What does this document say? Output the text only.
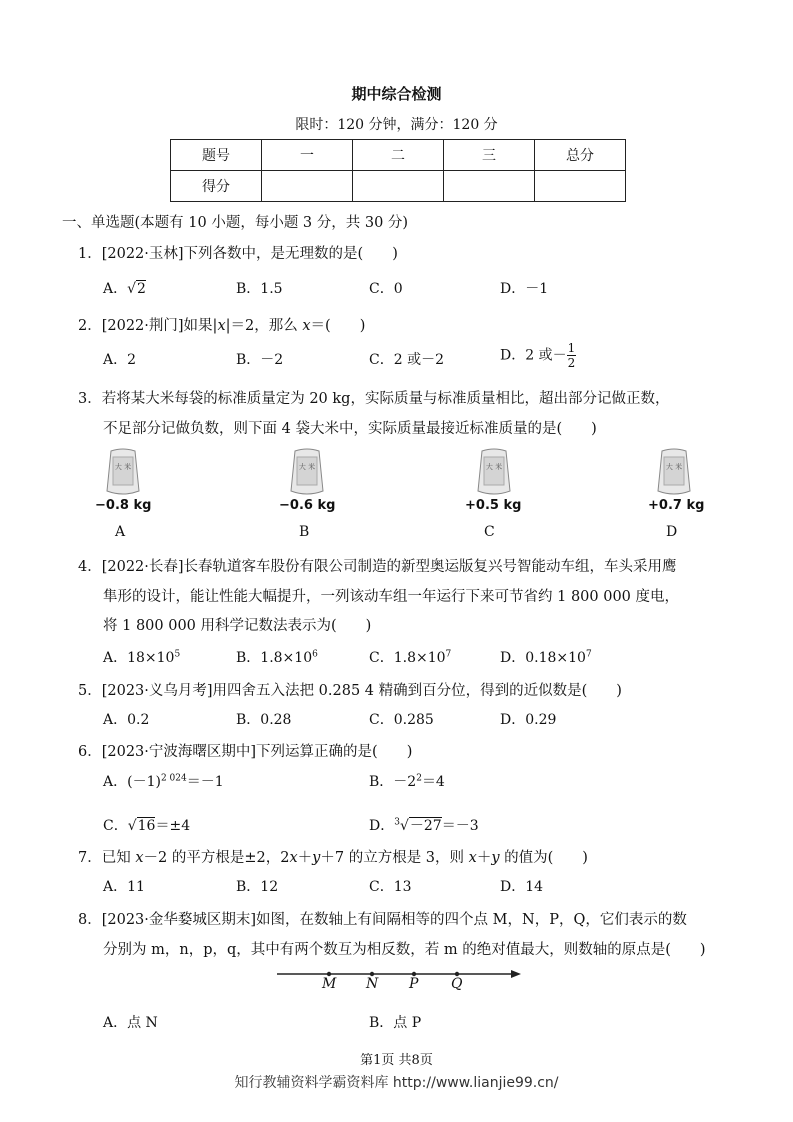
期中综合检测
限时：120 分钟，满分：120 分
题号	一	二	三	总分
得分				
一、单选题(本题有 10 小题，每小题 3 分，共 30 分)
1．[2022·玉林]下列各数中，是无理数的是(　　)
A．√2	B．1.5	C．0	D．－1
2．[2022·荆门]如果|x|＝2，那么 x＝(　　)
A．2	B．－2	C．2 或－2	D．2 或－ $\frac{1}{2}$
3．若将某大米每袋的标准质量定为 20 kg，实际质量与标准质量相比，超出部分记做正数，
不足部分记做负数，则下面 4 袋大米中，实际质量最接近标准质量的是(　　)
大 米
−0.8 kg
A
大 米
−0.6 kg
B
大 米
+0.5 kg
C
大 米
+0.7 kg
D
4．[2022·长春]长春轨道客车股份有限公司制造的新型奥运版复兴号智能动车组，车头采用鹰
隼形的设计，能让性能大幅提升，一列该动车组一年运行下来可节省约 1 800 000 度电，
将 1 800 000 用科学记数法表示为(　　)
A．$18\times 10^5$	B．$1.8\times 10^6$	C．$1.8\times 10^7$	D．$0.18\times 10^7$
5．[2023·义乌月考]用四舍五入法把 0.285 4 精确到百分位，得到的近似数是(　　)
A．0.2	B．0.28	C．0.285	D．0.29
6．[2023·宁波海曙区期中]下列运算正确的是(　　)
A．$(-1)^{2 024}=-1$	B．$-2^2=4$
C．√16＝±4	D．$^3$√－27＝－3
7．已知 x－2 的平方根是±2，2x＋y＋7 的立方根是 3，则 x＋y 的值为(　　)
A．11	B．12	C．13	D．14
8．[2023·金华婺城区期末]如图，在数轴上有间隔相等的四个点 M，N，P，Q，它们表示的数
分别为 m，n，p，q，其中有两个数互为相反数，若 m 的绝对值最大，则数轴的原点是(　　)
M N P Q
A．点 N	B．点 P
第1页 共8页
知行教辅资料学霸资料库 http://www.lianjie99.cn/
